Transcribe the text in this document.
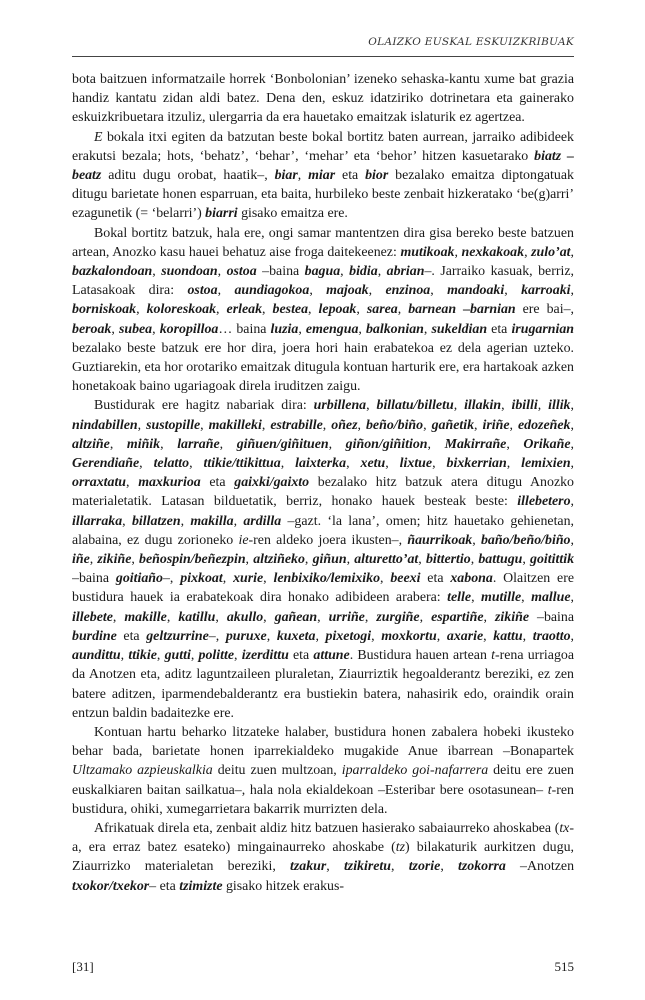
OLAIZKO EUSKAL ESKUIZKRIBUAK

bota baitzuen informatzaile horrek ‘Bonbolonian’ izeneko sehaska-kantu xume bat grazia handiz kantatu zidan aldi batez. Dena den, eskuz idatziriko dotrinetara eta gainerako eskuizkribuetara itzuliz, ulergarria da era hauetako emaitzak islaturik ez agertzea.

E bokala itxi egiten da batzutan beste bokal bortitz baten aurrean, jarraiko adibideek erakutsi bezala; hots, ‘behatz’, ‘behar’, ‘mehar’ eta ‘behor’ hitzen kasuetarako biatz –beatz aditu dugu orobat, haatik–, biar, miar eta bior bezalako emaitza diptongatuak ditugu barietate honen esparruan, eta baita, hurbileko beste zenbait hizkeratako ‘be(g)arri’ ezagunetik (= ‘belarri’) biarri gisako emaitza ere.

Bokal bortitz batzuk, hala ere, ongi samar mantentzen dira gisa bereko beste batzuen artean, Anozko kasu hauei behatuz aise froga daitekeenez: mutikoak, nexkakoak, zulo’at, bazkalondoan, suondoan, ostoa –baina bagua, bidia, abrian–. Jarraiko kasuak, berriz, Latasakoak dira: ostoa, aundiagokoa, majoak, enzinoa, mandoaki, karroaki, borniskoak, koloreskoak, erleak, bestea, lepoak, sarea, barnean –barnian ere bai–, beroak, subea, koropilloa… baina luzia, emengua, balkonian, sukeldian eta irugarnian bezalako beste batzuk ere hor dira, joera hori hain erabatekoa ez dela agerian uzteko. Guztiarekin, eta hor orotariko emaitzak ditugula kontuan harturik ere, era hartakoak azken honetakoak baino ugariagoak direla iruditzen zaigu.

Bustidurak ere hagitz nabariak dira: urbillena, billatu/billetu, illakin, ibilli, illik, nindabillen, sustopille, makilleki, estrabille, oñez, beño/biño, gañetik, iriñe, edozeñek, altziñe, miñik, larrañe, giñuen/giñituen, giñon/giñition, Makirrañe, Orikañe, Gerendiañe, telatto, ttikie/ttikittua, laixterka, xetu, lixtue, bixkerrian, lemixien, orraxtatu, maxkurioa eta gaixki/gaixto bezalako hitz batzuk atera ditugu Anozko materialetatik. Latasan bilduetatik, berriz, honako hauek besteak beste: illebetero, illarraka, billatzen, makilla, ardilla –gazt. ‘la lana’, omen; hitz hauetako gehienetan, alabaina, ez dugu zorioneko ie-ren aldeko joera ikusten–, ñaurrikoak, baño/beño/biño, iñe, zikiñe, beñospin/beñezpin, altziñeko, giñun, alturetto’at, bittertio, battugu, goitittik –baina goitiaño–, pixkoat, xurie, lenbixiko/lemixiko, beexi eta xabona. Olaitzen ere bustidura hauek ia erabatekoak dira honako adibideen arabera: telle, mutille, mallue, illebete, makille, katillu, akullo, gañean, urriñe, zurgiñe, espartiñe, zikiñe –baina burdine eta geltzurrine–, puruxe, kuxeta, pixetogi, moxkortu, axarie, kattu, traotto, aundittu, ttikie, gutti, politte, izerdittu eta attune. Bustidura hauen artean t-rena urriagoa da Anotzen eta, aditz laguntzaileen pluraletan, Ziaurriztik hegoalderantz bereziki, ez zen batere aditzen, iparmendebalderantz era bustiekin batera, nahasirik edo, oraindik orain entzun baldin badaitezke ere.

Kontuan hartu beharko litzateke halaber, bustidura honen zabalera hobeki ikusteko behar bada, barietate honen iparrekialdeko mugakide Anue ibarrean –Bonapartek Ultzamako azpieuskalkia deitu zuen multzoan, iparraldeko goi-nafarrera deitu ere zuen euskalkiaren baitan sailkatua–, hala nola ekialdekoan –Esteribar bere osotasunean– t-ren bustidura, ohiki, xumegarrietara bakarrik murrizten dela.

Afrikatuak direla eta, zenbait aldiz hitz batzuen hasierako sabaiaurreko ahoskabea (tx-a, era erraz batez esateko) mingainaurreko ahoskabe (tz) bilakaturik aurkitzen dugu, Ziaurrizko materialetan bereziki, tzakur, tzikiretu, tzorie, tzokorra –Anotzen txokor/txekor– eta tzimizte gisako hitzek erakus-

[31]	515
